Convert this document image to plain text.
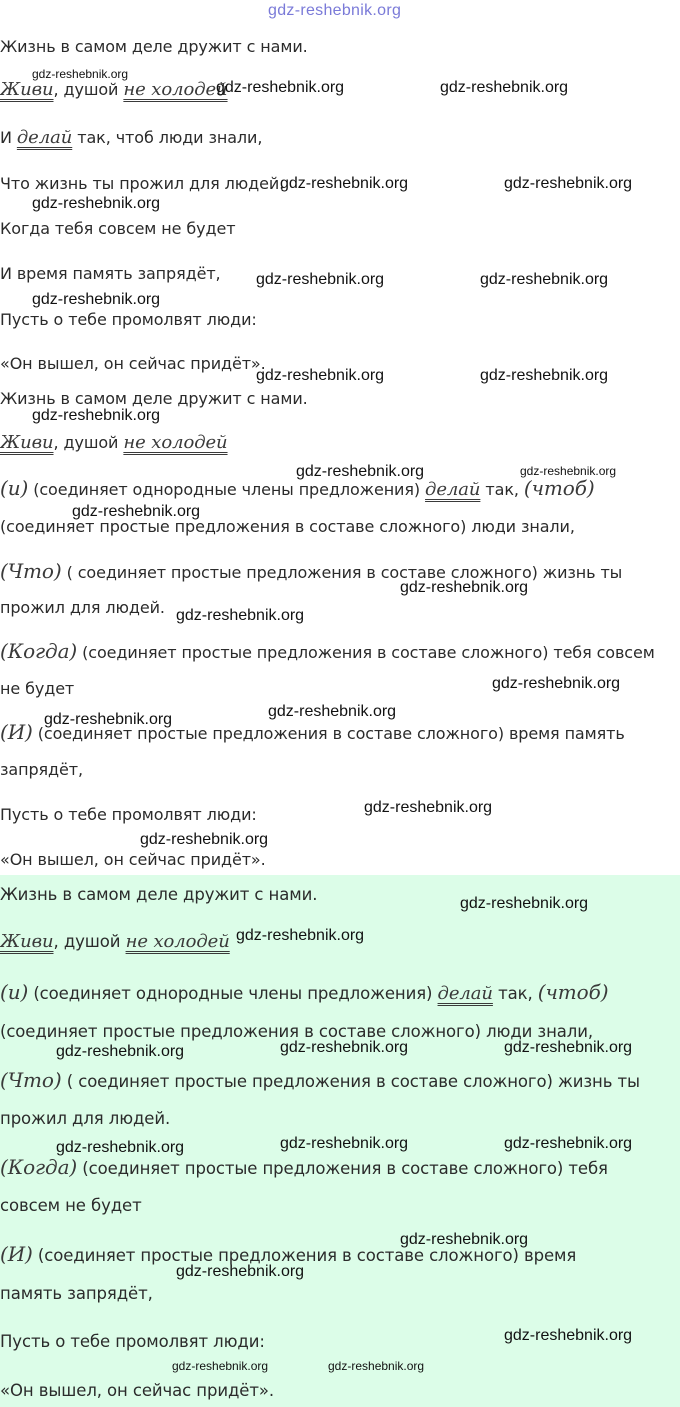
gdz-reshebnik.org
Жизнь в самом деле дружит с нами.
Живи, душой не холодей
И делай так, чтоб люди знали,
Что жизнь ты прожил для людей.
Когда тебя совсем не будет
И время память запрядёт,
Пусть о тебе промолвят люди:
«Он вышел, он сейчас придёт».
Жизнь в самом деле дружит с нами.
Живи, душой не холодей
(и) (соединяет однородные члены предложения) делай так, (чтоб)
(соединяет простые предложения в составе сложного) люди знали,
(Что) ( соединяет простые предложения в составе сложного) жизнь ты
прожил для людей.
(Когда) (соединяет простые предложения в составе сложного) тебя совсем
не будет
(И) (соединяет простые предложения в составе сложного) время память
запрядёт,
Пусть о тебе промолвят люди:
«Он вышел, он сейчас придёт».
Жизнь в самом деле дружит с нами.
Живи, душой не холодей
(и) (соединяет однородные члены предложения) делай так, (чтоб)
(соединяет простые предложения в составе сложного) люди знали,
(Что) ( соединяет простые предложения в составе сложного) жизнь ты
прожил для людей.
(Когда) (соединяет простые предложения в составе сложного) тебя
совсем не будет
(И) (соединяет простые предложения в составе сложного) время
память запрядёт,
Пусть о тебе промолвят люди:
«Он вышел, он сейчас придёт».
gdz-reshebnik.org
gdz-reshebnik.org	gdz-reshebnik.org
gdz-reshebnik.org	gdz-reshebnik.org
gdz-reshebnik.org
gdz-reshebnik.org	gdz-reshebnik.org
gdz-reshebnik.org
gdz-reshebnik.org	gdz-reshebnik.org
gdz-reshebnik.org
gdz-reshebnik.org	gdz-reshebnik.org
gdz-reshebnik.org
gdz-reshebnik.org
gdz-reshebnik.org
gdz-reshebnik.org
gdz-reshebnik.org
gdz-reshebnik.org
gdz-reshebnik.org
gdz-reshebnik.org
gdz-reshebnik.org
gdz-reshebnik.org
gdz-reshebnik.org	gdz-reshebnik.org	gdz-reshebnik.org
gdz-reshebnik.org	gdz-reshebnik.org	gdz-reshebnik.org
gdz-reshebnik.org
gdz-reshebnik.org
gdz-reshebnik.org
gdz-reshebnik.org	gdz-reshebnik.org
